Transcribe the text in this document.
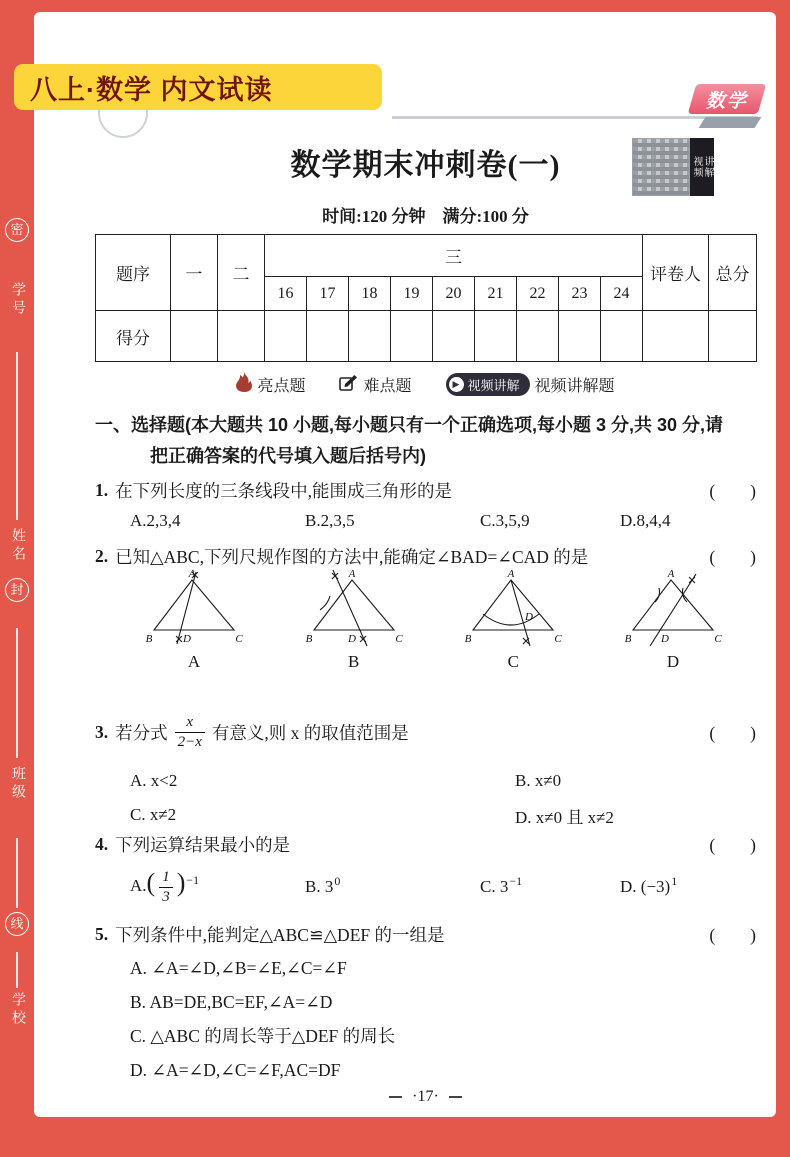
密
学号
姓名
封
班级
线
学校
数学期末冲刺卷(一)	视频 讲解
时间:120 分钟　满分:100 分
题序	一	二	三									评卷人	总分
			16	17	18	19	20	21	22	23	24		
得分													
亮点题	难点题	▶ 视频讲解 视频讲解题
一、选择题(本大题共 10 小题,每小题只有一个正确选项,每小题 3 分,共 30 分,请
把正确答案的代号填入题后括号内)
1. 在下列长度的三条线段中,能围成三角形的是	(　　)
A.2,3,4	B.2,3,5	C.3,5,9	D.8,4,4
2. 已知△ABC,下列尺规作图的方法中,能确定∠BAD=∠CAD 的是	(　　)
A
B	D	C
A
A
B	D	C
B
A
B
D
C
C
A
B	D	C
D
3. 若分式 $\frac{x}{2-x}$ 有意义,则 x 的取值范围是	(　　)
A. x<2	B. x≠0
C. x≠2	D. x≠0 且 x≠2
4. 下列运算结果最小的是	(　　)
$A.( \frac{1}{3} )^{-1}$	B. $3^0$	C. $3^{-1}$	D. $(-3)^1$
5. 下列条件中,能判定△ABC≌△DEF 的一组是	(　　)
A. ∠A=∠D,∠B=∠E,∠C=∠F
B. AB=DE,BC=EF,∠A=∠D
C. △ABC 的周长等于△DEF 的周长
D. ∠A=∠D,∠C=∠F,AC=DF
·17·
八上·数学 内文试读	数学
